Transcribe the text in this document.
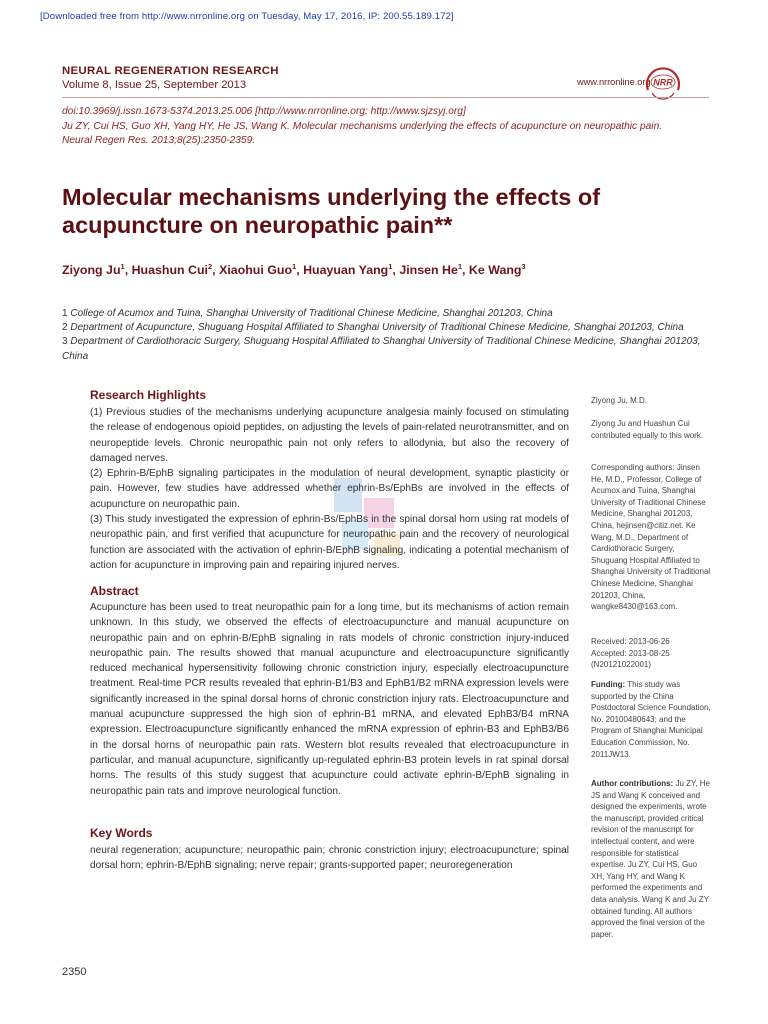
[Downloaded free from http://www.nrronline.org on Tuesday, May 17, 2016, IP: 200.55.189.172]
NEURAL REGENERATION RESEARCH
Volume 8, Issue 25, September 2013	www.nrronline.org NRR
doi:10.3969/j.issn.1673-5374.2013.25.006 [http://www.nrronline.org; http://www.sjzsyj.org]
Ju ZY, Cui HS, Guo XH, Yang HY, He JS, Wang K. Molecular mechanisms underlying the effects of acupuncture on neuropathic pain.
Neural Regen Res. 2013;8(25):2350-2359.
Molecular mechanisms underlying the effects of
acupuncture on neuropathic pain**
Ziyong Ju$^1$, Huashun Cui$^2$, Xiaohui Guo$^1$, Huayuan Yang$^1$, Jinsen He$^1$, Ke Wang$^3$
1 College of Acumox and Tuina, Shanghai University of Traditional Chinese Medicine, Shanghai 201203, China
2 Department of Acupuncture, Shuguang Hospital Affiliated to Shanghai University of Traditional Chinese Medicine, Shanghai 201203, China
3 Department of Cardiothoracic Surgery, Shuguang Hospital Affiliated to Shanghai University of Traditional Chinese Medicine, Shanghai 201203, China
Research Highlights
(1) Previous studies of the mechanisms underlying acupuncture analgesia mainly focused on stimulating the release of endogenous opioid peptides, on adjusting the levels of pain-related neurotransmitter, and on neuropeptide levels. Chronic neuropathic pain not only refers to allodynia, but also the recovery of damaged nerves.
(2) Ephrin-B/EphB signaling participates in the modulation of neural development, synaptic plasticity or pain. However, few studies have addressed whether ephrin-Bs/EphBs are involved in the effects of acupuncture on neuropathic pain.
(3) This study investigated the expression of ephrin-Bs/EphBs in the spinal dorsal horn using rat models of neuropathic pain, and first verified that acupuncture for neuropathic pain and the recovery of neurological function are associated with the activation of ephrin-B/EphB signaling, indicating a potential mechanism of action for acupuncture in improving pain and repairing injured nerves.
Abstract
Acupuncture has been used to treat neuropathic pain for a long time, but its mechanisms of action remain unknown. In this study, we observed the effects of electroacupuncture and manual acupuncture on neuropathic pain and on ephrin-B/EphB signaling in rats models of chronic constriction injury-induced neuropathic pain. The results showed that manual acupuncture and electroacupuncture significantly reduced mechanical hypersensitivity following chronic constriction injury, especially electroacupuncture treatment. Real-time PCR results revealed that ephrin-B1/B3 and EphB1/B2 mRNA expression levels were significantly increased in the spinal dorsal horns of chronic constriction injury rats. Electroacupuncture and manual acupuncture suppressed the high sion of ephrin-B1 mRNA, and elevated EphB3/B4 mRNA expression. Electroacupuncture significantly enhanced the mRNA expression of ephrin-B3 and EphB3/B6 in the dorsal horns of neuropathic pain rats. Western blot results revealed that electroacupuncture in particular, and manual acupuncture, significantly up-regulated ephrin-B3 protein levels in rat spinal dorsal horns. The results of this study suggest that acupuncture could activate ephrin-B/EphB signaling in neuropathic pain rats and improve neurological function.
Key Words
neural regeneration; acupuncture; neuropathic pain; chronic constriction injury; electroacupuncture; spinal dorsal horn; ephrin-B/EphB signaling; nerve repair; grants-supported paper; neuroregeneration
Ziyong Ju, M.D.
Ziyong Ju and Huashun Cui contributed equally to this work.
Corresponding authors: Jinsen He, M.D., Professor, College of Acumox and Tuina, Shanghai University of Traditional Chinese Medicine, Shanghai 201203, China, hejinsen@citiz.net. Ke Wang, M.D., Department of Cardiothoracic Surgery, Shuguang Hospital Affiliated to Shanghai University of Traditional Chinese Medicine, Shanghai 201203, China, wangke8430@163.com.
Received: 2013-06-26
Accepted: 2013-08-25
(N20121022001)
Funding: This study was supported by the China Postdoctoral Science Foundation, No. 20100480643; and the Program of Shanghai Municipal Education Commission, No. 2011JW13.
Author contributions: Ju ZY, He JS and Wang K conceived and designed the experiments, wrote the manuscript, provided critical revision of the manuscript for intellectual content, and were responsible for statistical expertise. Ju ZY, Cui HS, Guo XH, Yang HY, and Wang K performed the experiments and data analysis. Wang K and Ju ZY obtained funding. All authors approved the final version of the paper.
2350
